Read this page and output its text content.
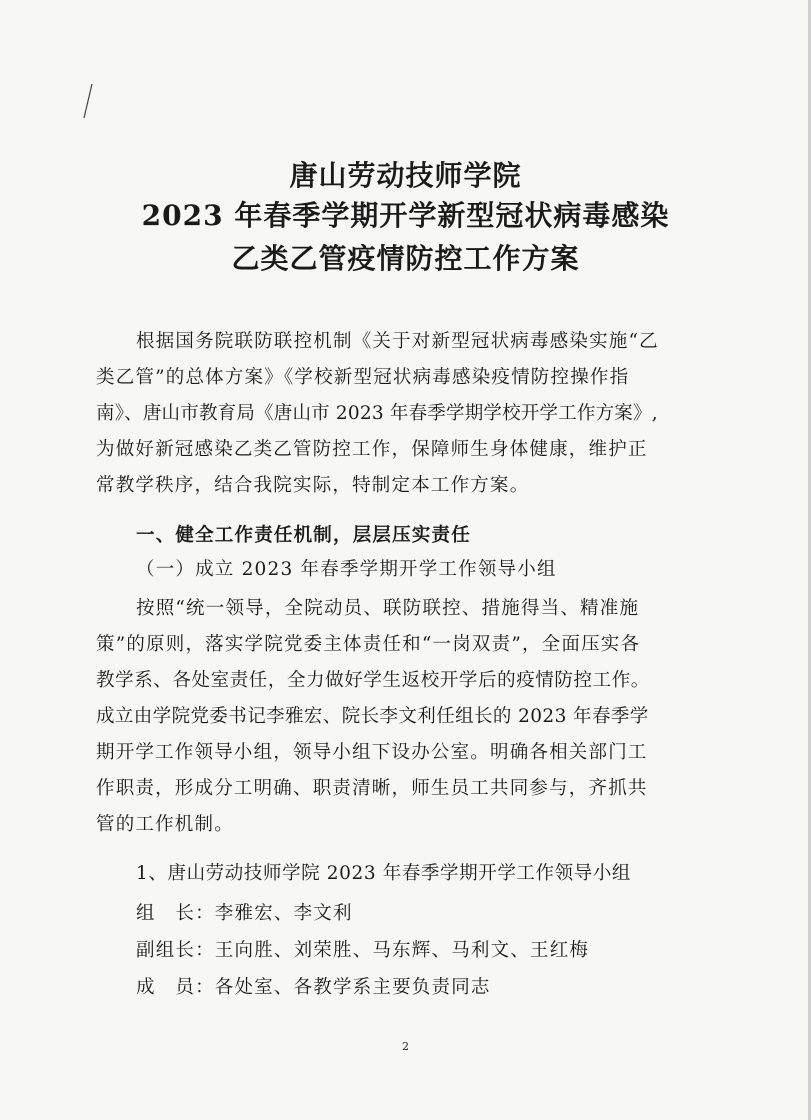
唐山劳动技师学院
2023 年春季学期开学新型冠状病毒感染
乙类乙管疫情防控工作方案
根据国务院联防联控机制《关于对新型冠状病毒感染实施“乙
类乙管”的总体方案》《学校新型冠状病毒感染疫情防控操作指
南》、唐山市教育局《唐山市 2023 年春季学期学校开学工作方案》,
为做好新冠感染乙类乙管防控工作，保障师生身体健康，维护正
常教学秩序，结合我院实际，特制定本工作方案。
一、健全工作责任机制，层层压实责任
（一）成立 2023 年春季学期开学工作领导小组
按照“统一领导，全院动员、联防联控、措施得当、精准施
策”的原则，落实学院党委主体责任和“一岗双责”，全面压实各
教学系、各处室责任，全力做好学生返校开学后的疫情防控工作。
成立由学院党委书记李雅宏、院长李文利任组长的 2023 年春季学
期开学工作领导小组，领导小组下设办公室。明确各相关部门工
作职责，形成分工明确、职责清晰，师生员工共同参与，齐抓共
管的工作机制。
1、唐山劳动技师学院 2023 年春季学期开学工作领导小组
组　长：李雅宏、李文利
副组长：王向胜、刘荣胜、马东辉、马利文、王红梅
成　员：各处室、各教学系主要负责同志
2
